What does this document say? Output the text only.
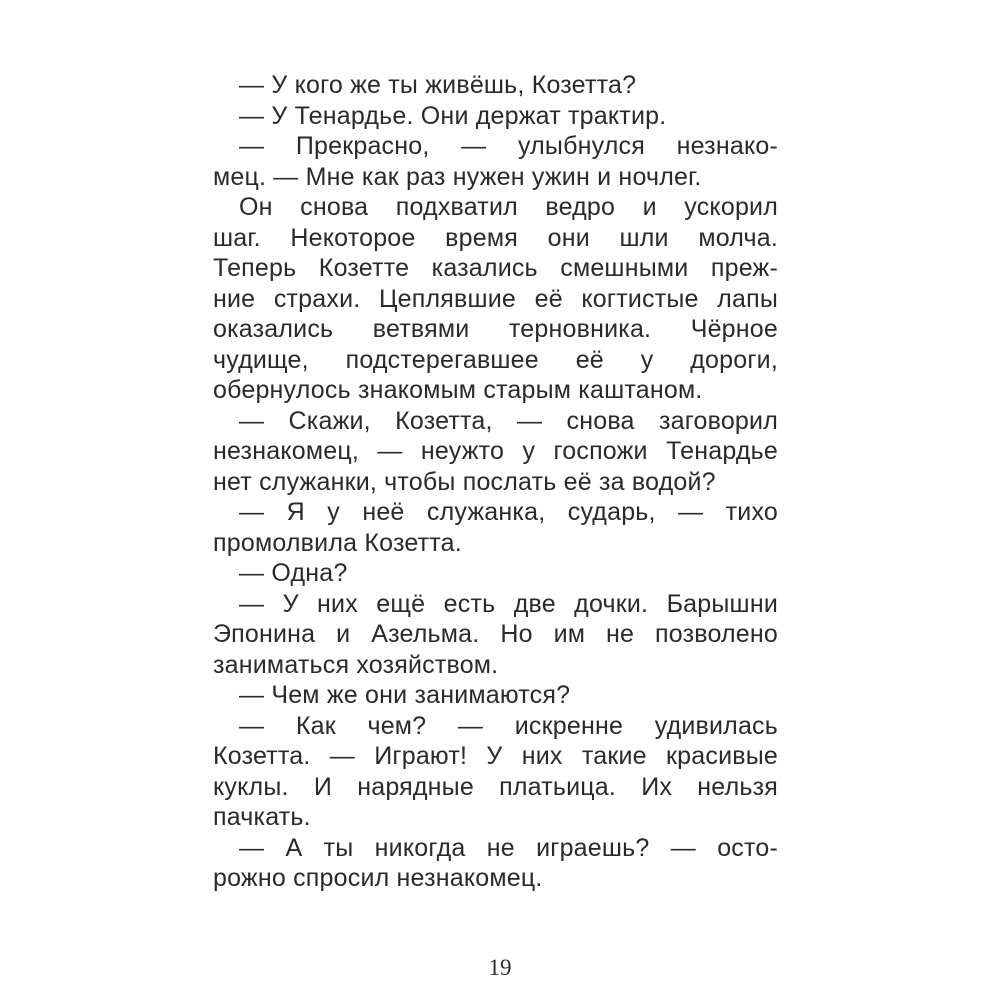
— У кого же ты живёшь, Козетта?
— У Тенардье. Они держат трактир.
— Прекрасно, — улыбнулся незнако-
мец. — Мне как раз нужен ужин и ночлег.
Он снова подхватил ведро и ускорил
шаг. Некоторое время они шли молча.
Теперь Козетте казались смешными преж-
ние страхи. Цеплявшие её когтистые лапы
оказались ветвями терновника. Чёрное
чудище, подстерегавшее её у дороги,
обернулось знакомым старым каштаном.
— Скажи, Козетта, — снова заговорил
незнакомец, — неужто у госпожи Тенардье
нет служанки, чтобы послать её за водой?
— Я у неё служанка, сударь, — тихо
промолвила Козетта.
— Одна?
— У них ещё есть две дочки. Барышни
Эпонина и Азельма. Но им не позволено
заниматься хозяйством.
— Чем же они занимаются?
— Как чем? — искренне удивилась
Козетта. — Играют! У них такие красивые
куклы. И нарядные платьица. Их нельзя
пачкать.
— А ты никогда не играешь? — осто-
рожно спросил незнакомец.
19
